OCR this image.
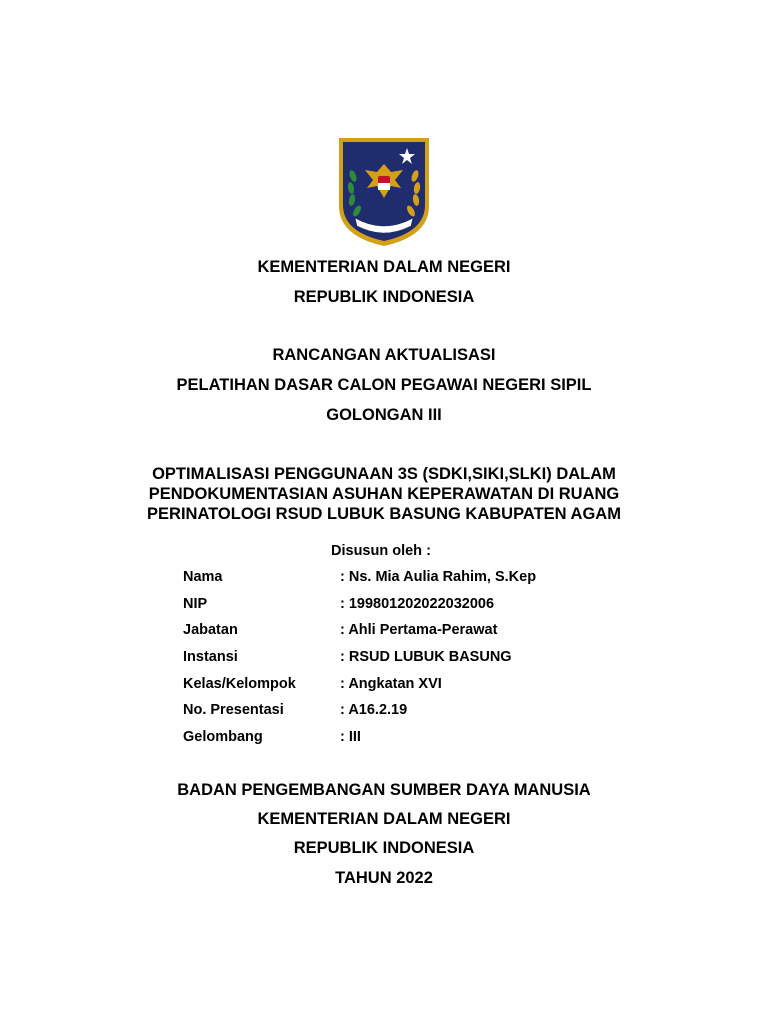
KEMENTERIAN DALAM NEGERI
REPUBLIK INDONESIA
RANCANGAN AKTUALISASI
PELATIHAN DASAR CALON PEGAWAI NEGERI SIPIL
GOLONGAN III
OPTIMALISASI PENGGUNAAN 3S (SDKI,SIKI,SLKI) DALAM
PENDOKUMENTASIAN ASUHAN KEPERAWATAN DI RUANG
PERINATOLOGI RSUD LUBUK BASUNG KABUPATEN AGAM
Disusun oleh :
Nama	: Ns. Mia Aulia Rahim, S.Kep
NIP	: 199801202022032006
Jabatan	: Ahli Pertama-Perawat
Instansi	: RSUD LUBUK BASUNG
Kelas/Kelompok	: Angkatan XVI
No. Presentasi	: A16.2.19
Gelombang	: III
BADAN PENGEMBANGAN SUMBER DAYA MANUSIA
KEMENTERIAN DALAM NEGERI
REPUBLIK INDONESIA
TAHUN 2022
